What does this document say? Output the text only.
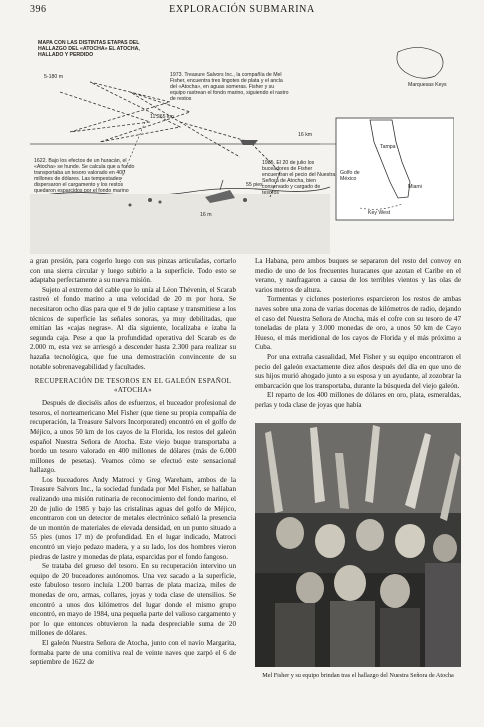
EXPLORACIÓN SUBMARINA
396
MAPA CON LAS DISTINTAS ETAPAS DEL HALLAZGO DEL «ATOCHA» EL ATOCHA, HALLADO Y PERDIDO
1973. Treasure Salvors Inc., la compañía de Mel Fisher, encuentra tres lingotes de plata y el ancla del «Atocha», en aguas someras. Fisher y su equipo rastrean el fondo marino, siguiendo el rastro de restos
1622. Bajo los efectos de un huracán, el «Atocha» se hunde. Se calcula que a fondo transportaba un tesoro valorado en 400 millones de dólares. Las tempestades dispersaron el cargamento y los restos quedaron esparcidos por el fondo marino
1985. El 20 de julio los buceadores de Fisher encuentran el pecio del Nuestra Señora de Atocha, bien conservado y cargado de tesoros
5-180 m
11.265 km
16 km
55 pies
16 m
Marquesas Keys
Tampa
Miami
Golfo de México
Key West

a gran presión, para cogerlo luego con sus pinzas articuladas, cortarlo con una sierra circular y luego subirlo a la superficie. Todo esto se adaptaba perfectamente a su nueva misión.

Sujeto al extremo del cable que lo unía al Léon Thévenin, el Scarab rastreó el fondo marino a una velocidad de 20 m por hora. Se necesitaron ocho días para que el 9 de julio captase y transmitiese a los técnicos de superficie las señales sonoras, ya muy debilitadas, que emitían las «cajas negras». Al día siguiente, localizaba e izaba la segunda caja. Pese a que la profundidad operativa del Scarab es de 2.000 m, esta vez se arriesgó a descender hasta 2.300 para realizar su hazaña tecnológica, que fue una demostración convincente de su notable sobrenavegabilidad y facultades.

RECUPERACIÓN DE TESOROS EN EL GALEÓN ESPAÑOL «ATOCHA»

Después de dieciséis años de esfuerzos, el buceador profesional de tesoros, el norteamericano Mel Fisher (que tiene su propia compañía de recuperación, la Treasure Salvors Incorporated) encontró en el golfo de Méjico, a unos 50 km de los cayos de la Florida, los restos del galeón español Nuestra Señora de Atocha. Este viejo buque transportaba a bordo un tesoro valorado en 400 millones de dólares (más de 6.000 millones de pesetas). Veamos cómo se efectuó este sensacional hallazgo.

Los buceadores Andy Matroci y Greg Wareham, ambos de la Treasure Salvors Inc., la sociedad fundada por Mel Fisher, se hallaban realizando una misión rutinaria de reconocimiento del fondo marino, el 20 de julio de 1985 y bajo las cristalinas aguas del golfo de Méjico, encontraron con un detector de metales electrónico señaló la presencia de un montón de materiales de elevada densidad, en un punto situado a 55 pies (unos 17 m) de profundidad. En el lugar indicado, Matroci encontró un viejo pedazo madera, y a su lado, los dos hombres vieron piedras de lastre y monedas de plata, esparcidas por el fondo fangoso.

Se trataba del grueso del tesoro. En su recuperación intervino un equipo de 20 buceadores autónomos. Una vez sacado a la superficie, este fabuloso tesoro incluía 1.200 barras de plata maciza, miles de monedas de oro, armas, collares, joyas y toda clase de utensilios. Se encontró a unos dos kilómetros del lugar donde el mismo grupo encontró, en mayo de 1984, una pequeña parte del valioso cargamento y por lo que entonces obtuvieron la nada despreciable suma de 20 millones de dólares.

El galeón Nuestra Señora de Atocha, junto con el navío Margarita, formaba parte de una comitiva real de veinte naves que zarpó el 6 de septiembre de 1622 de

La Habana, pero ambos buques se separaron del resto del convoy en medio de uno de los frecuentes huracanes que azotan el Caribe en el verano, y naufragaron a causa de los terribles vientos y las olas de varios metros de altura.

Tormentas y ciclones posteriores esparcieron los restos de ambas naves sobre una zona de varias docenas de kilómetros de radio, dejando el caso del Nuestra Señora de Atocha, más el cofre con su tesoro de 47 toneladas de plata y 3.000 monedas de oro, a unos 50 km de Cayo Hueso, el más meridional de los cayos de Florida y el más próximo a Cuba.

Por una extraña casualidad, Mel Fisher y su equipo encontraron el pecio del galeón exactamente diez años después del día en que uno de sus hijos murió ahogado junto a su esposa y un ayudante, al zozobrar la embarcación que los transportaba, durante la búsqueda del viejo galeón.

El reparto de los 400 millones de dólares en oro, plata, esmeraldas, perlas y toda clase de joyas que había

Mel Fisher y su equipo brindan tras el hallazgo del Nuestra Señora de Atocha
